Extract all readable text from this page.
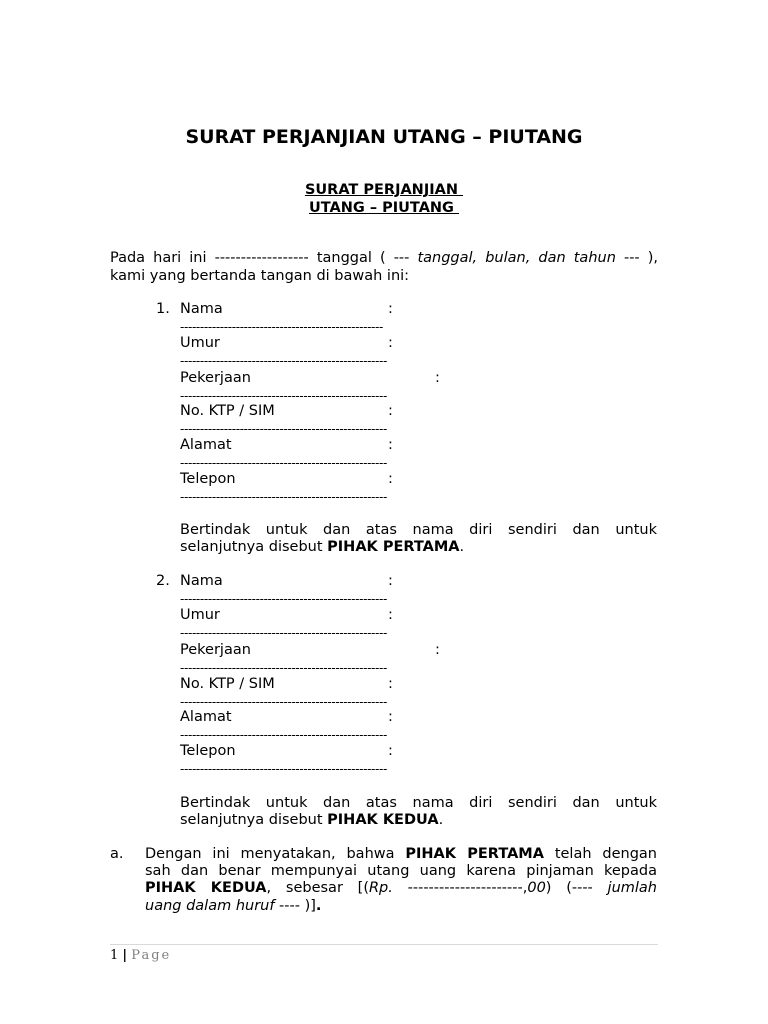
SURAT PERJANJIAN UTANG – PIUTANG
SURAT PERJANJIAN
UTANG – PIUTANG
Pada hari ini ------------------ tanggal ( --- tanggal, bulan, dan tahun --- ),
kami yang bertanda tangan di bawah ini:
1. Nama	:
---------------------------------------------------
Umur	:
----------------------------------------------------
Pekerjaan	:
----------------------------------------------------
No. KTP / SIM	:
----------------------------------------------------
Alamat	:
----------------------------------------------------
Telepon	:
----------------------------------------------------
Bertindak untuk dan atas nama diri sendiri dan untuk
selanjutnya disebut PIHAK PERTAMA.
2. Nama	:
----------------------------------------------------
Umur	:
----------------------------------------------------
Pekerjaan	:
----------------------------------------------------
No. KTP / SIM	:
----------------------------------------------------
Alamat	:
----------------------------------------------------
Telepon	:
----------------------------------------------------
Bertindak untuk dan atas nama diri sendiri dan untuk
selanjutnya disebut PIHAK KEDUA.
a. Dengan ini menyatakan, bahwa PIHAK PERTAMA telah dengan
sah dan benar mempunyai utang uang karena pinjaman kepada
PIHAK KEDUA, sebesar [(Rp. ----------------------,00) (---- jumlah
uang dalam huruf ---- )].
1 | Page
